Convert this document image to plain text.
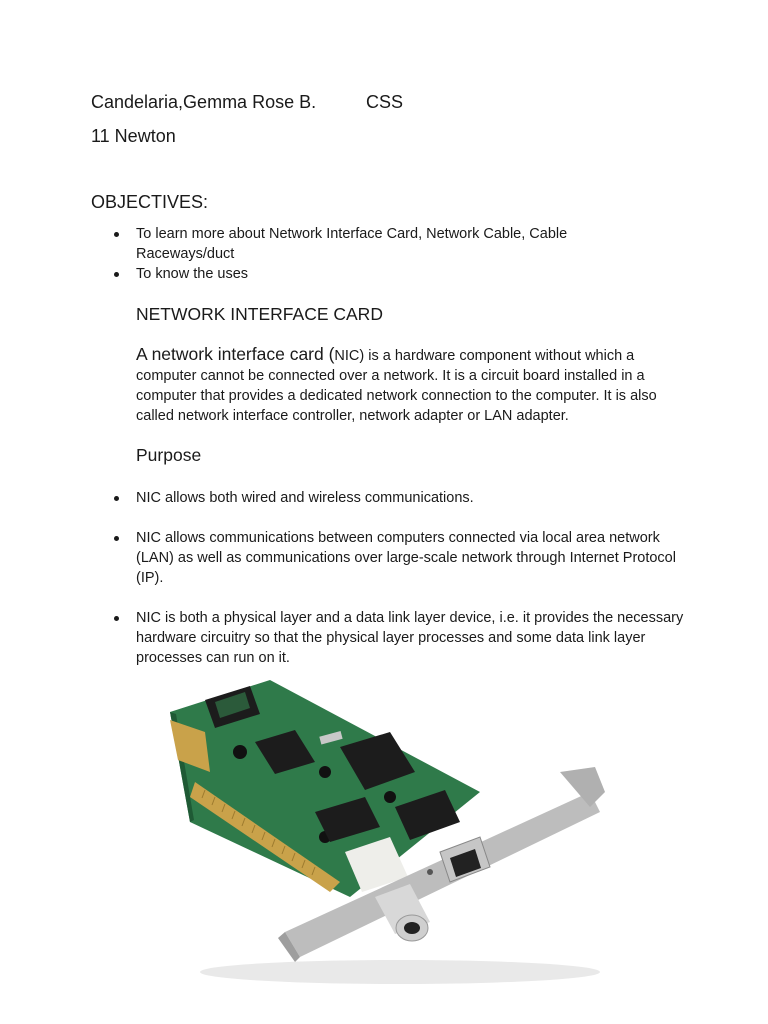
Candelaria,Gemma Rose B.	CSS
11 Newton
OBJECTIVES:
To learn more about Network Interface Card, Network Cable, Cable Raceways/duct
To know the uses
NETWORK INTERFACE CARD
A network interface card (NIC) is a hardware component without which a computer cannot be connected over a network. It is a circuit board installed in a computer that provides a dedicated network connection to the computer. It is also called network interface controller, network adapter or LAN adapter.
Purpose
NIC allows both wired and wireless communications.
NIC allows communications between computers connected via local area network (LAN) as well as communications over large-scale network through Internet Protocol (IP).
NIC is both a physical layer and a data link layer device, i.e. it provides the necessary hardware circuitry so that the physical layer processes and some data link layer processes can run on it.
